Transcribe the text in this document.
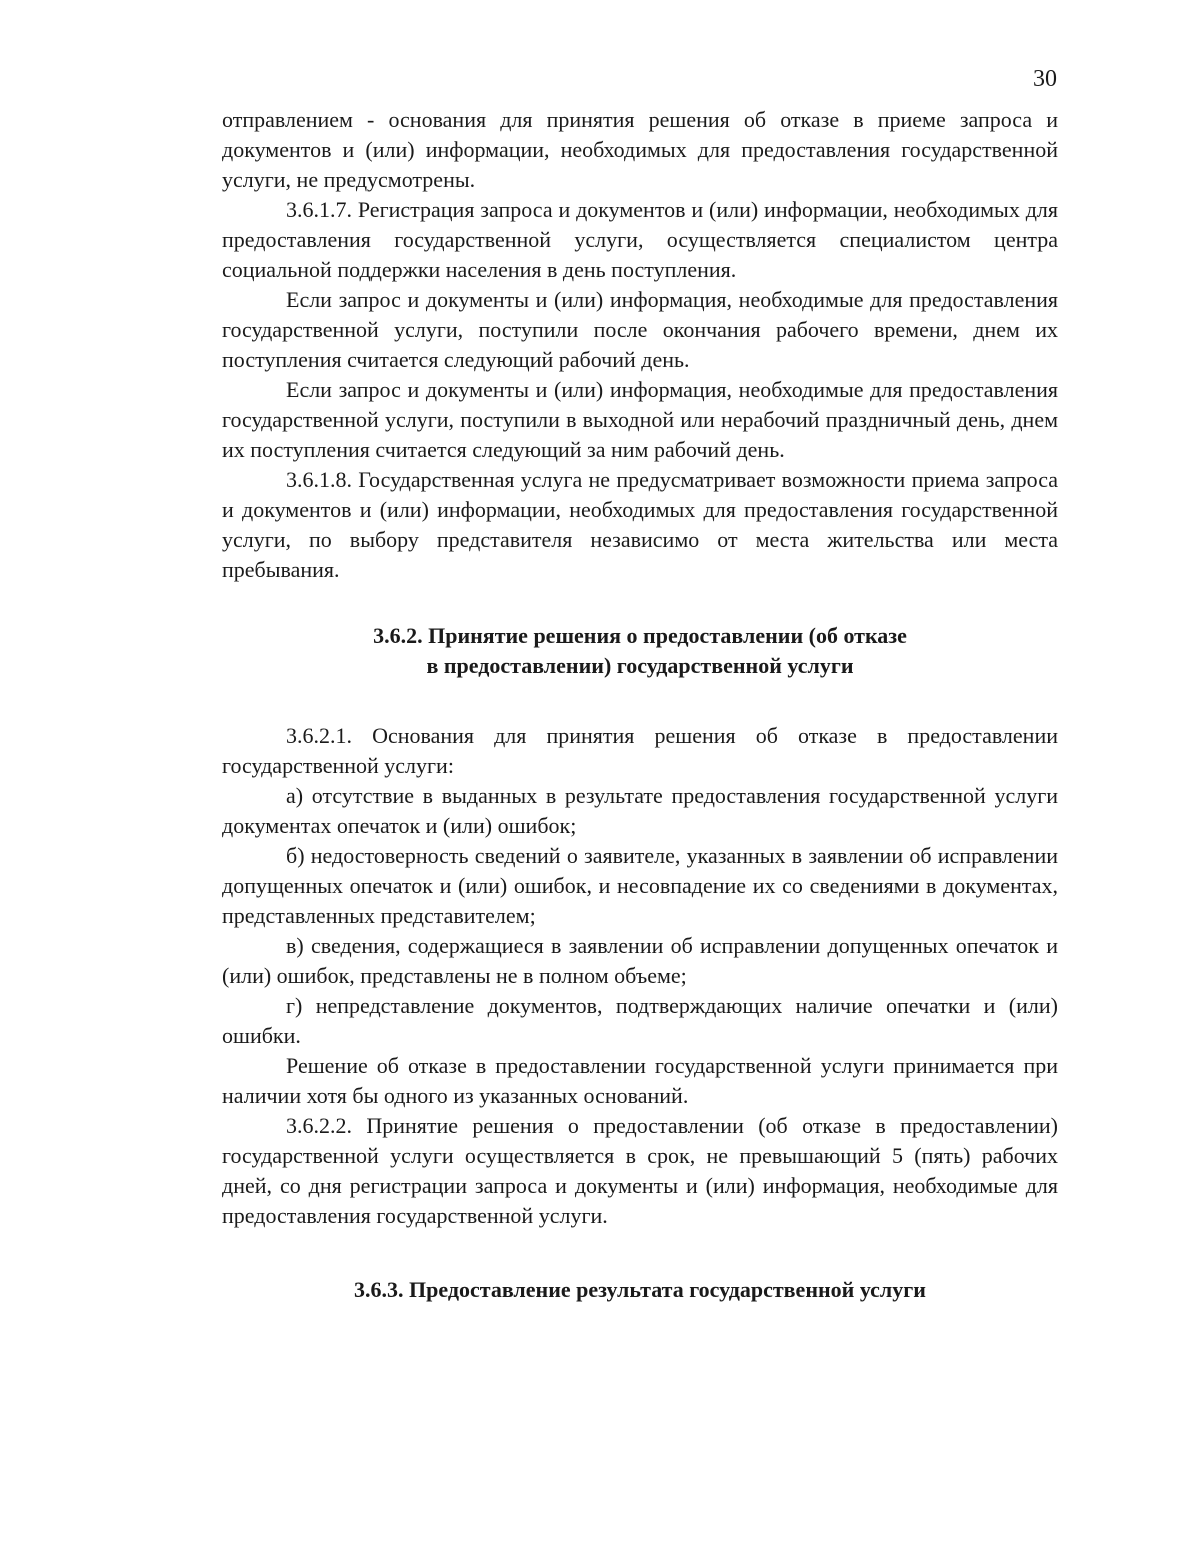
30

отправлением - основания для принятия решения об отказе в приеме запроса и документов и (или) информации, необходимых для предоставления государственной услуги, не предусмотрены.

3.6.1.7. Регистрация запроса и документов и (или) информации, необходимых для предоставления государственной услуги, осуществляется специалистом центра социальной поддержки населения в день поступления.

Если запрос и документы и (или) информация, необходимые для предоставления государственной услуги, поступили после окончания рабочего времени, днем их поступления считается следующий рабочий день.

Если запрос и документы и (или) информация, необходимые для предоставления государственной услуги, поступили в выходной или нерабочий праздничный день, днем их поступления считается следующий за ним рабочий день.

3.6.1.8. Государственная услуга не предусматривает возможности приема запроса и документов и (или) информации, необходимых для предоставления государственной услуги, по выбору представителя независимо от места жительства или места пребывания.

3.6.2. Принятие решения о предоставлении (об отказе

в предоставлении) государственной услуги

3.6.2.1. Основания для принятия решения об отказе в предоставлении государственной услуги:

а) отсутствие в выданных в результате предоставления государственной услуги документах опечаток и (или) ошибок;

б) недостоверность сведений о заявителе, указанных в заявлении об исправлении допущенных опечаток и (или) ошибок, и несовпадение их со сведениями в документах, представленных представителем;

в) сведения, содержащиеся в заявлении об исправлении допущенных опечаток и (или) ошибок, представлены не в полном объеме;

г) непредставление документов, подтверждающих наличие опечатки и (или) ошибки.

Решение об отказе в предоставлении государственной услуги принимается при наличии хотя бы одного из указанных оснований.

3.6.2.2. Принятие решения о предоставлении (об отказе в предоставлении) государственной услуги осуществляется в срок, не превышающий 5 (пять) рабочих дней, со дня регистрации запроса и документы и (или) информация, необходимые для предоставления государственной услуги.

3.6.3. Предоставление результата государственной услуги
